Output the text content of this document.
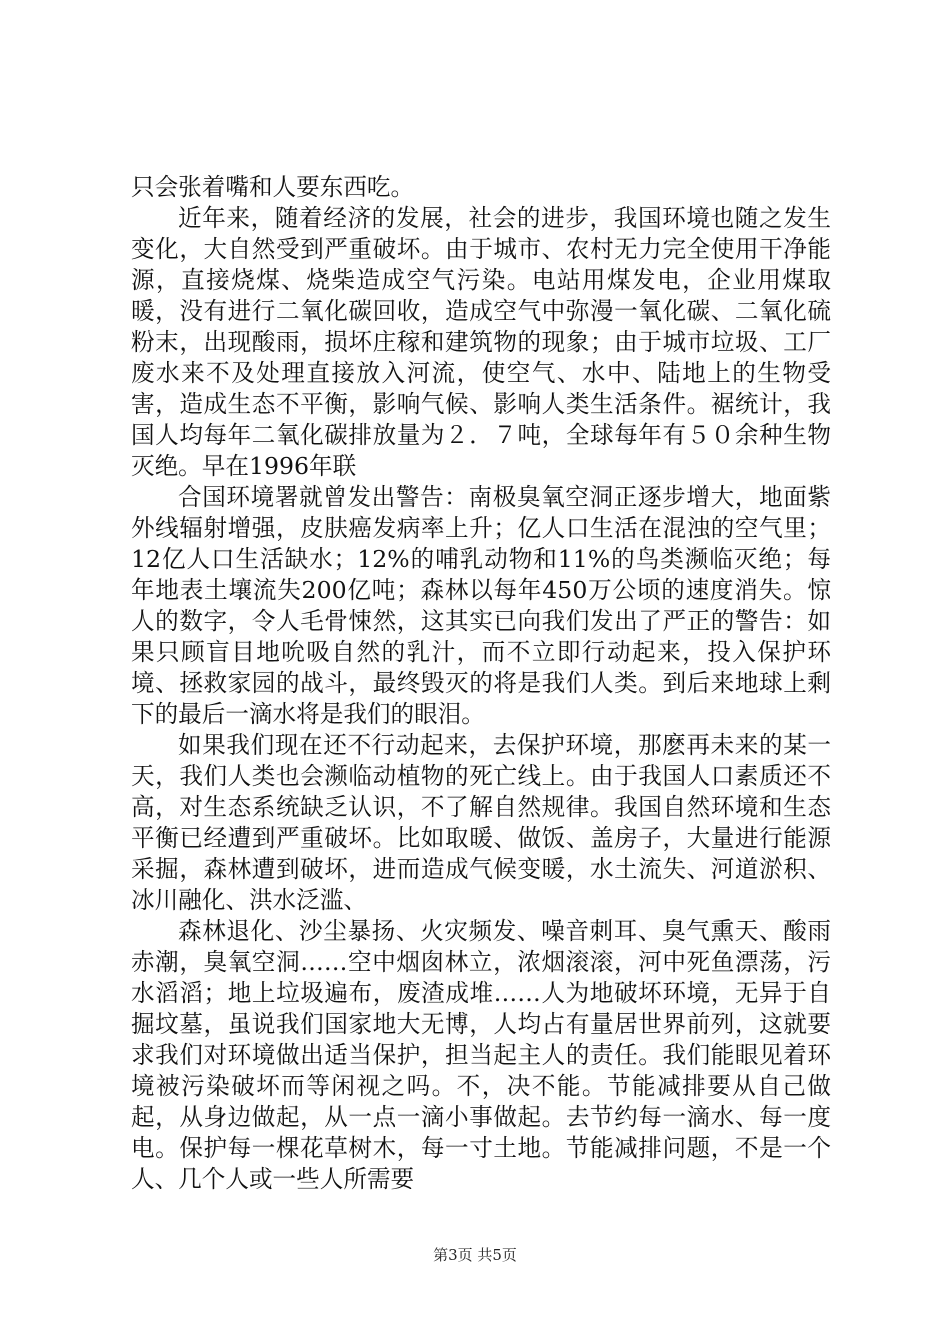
只会张着嘴和人要东西吃。

近年来，随着经济的发展，社会的进步，我国环境也随之发生变化，大自然受到严重破坏。由于城市、农村无力完全使用干净能源，直接烧煤、烧柴造成空气污染。电站用煤发电，企业用煤取暖，没有进行二氧化碳回收，造成空气中弥漫一氧化碳、二氧化硫粉末，出现酸雨，损坏庄稼和建筑物的现象；由于城市垃圾、工厂废水来不及处理直接放入河流，使空气、水中、陆地上的生物受害，造成生态不平衡，影响气候、影响人类生活条件。裾统计，我国人均每年二氧化碳排放量为２．７吨，全球每年有５０余种生物灭绝。早在1996年联

合国环境署就曾发出警告：南极臭氧空洞正逐步增大，地面紫外线辐射增强，皮肤癌发病率上升；亿人口生活在混浊的空气里；12亿人口生活缺水；12%的哺乳动物和11%的鸟类濒临灭绝；每年地表土壤流失200亿吨；森林以每年450万公顷的速度消失。惊人的数字，令人毛骨悚然，这其实已向我们发出了严正的警告：如果只顾盲目地吮吸自然的乳汁，而不立即行动起来，投入保护环境、拯救家园的战斗，最终毁灭的将是我们人类。到后来地球上剩下的最后一滴水将是我们的眼泪。

如果我们现在还不行动起来，去保护环境，那麽再未来的某一天，我们人类也会濒临动植物的死亡线上。由于我国人口素质还不高，对生态系统缺乏认识，不了解自然规律。我国自然环境和生态平衡已经遭到严重破坏。比如取暖、做饭、盖房子，大量进行能源采掘，森林遭到破坏，进而造成气候变暖，水土流失、河道淤积、冰川融化、洪水泛滥、

森林退化、沙尘暴扬、火灾频发、噪音刺耳、臭气熏天、酸雨赤潮，臭氧空洞……空中烟囱林立，浓烟滚滚，河中死鱼漂荡，污水滔滔；地上垃圾遍布，废渣成堆……人为地破坏环境，无异于自掘坟墓，虽说我们国家地大无博，人均占有量居世界前列，这就要求我们对环境做出适当保护，担当起主人的责任。我们能眼见着环境被污染破坏而等闲视之吗。不，决不能。节能减排要从自己做起，从身边做起，从一点一滴小事做起。去节约每一滴水、每一度电。保护每一棵花草树木，每一寸土地。节能减排问题，不是一个人、几个人或一些人所需要

第3页 共5页
